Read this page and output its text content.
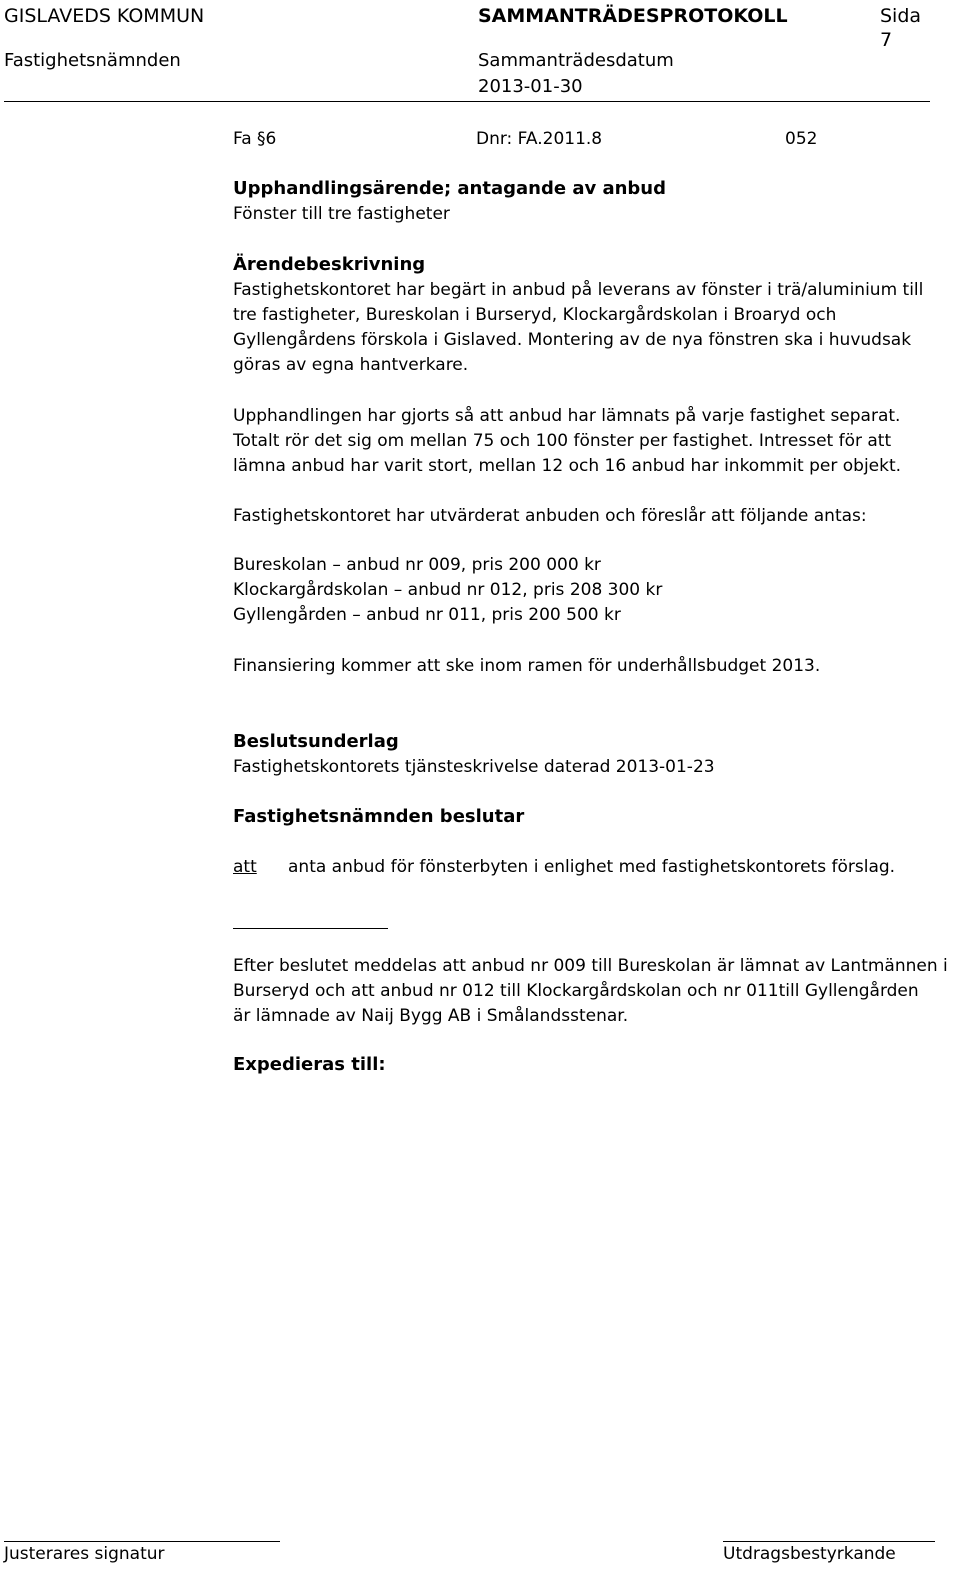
GISLAVEDS KOMMUN	SAMMANTRÄDESPROTOKOLL	Sida
7
Fastighetsnämnden	Sammanträdesdatum
2013-01-30
Fa §6	Dnr: FA.2011.8	052
Upphandlingsärende; antagande av anbud
Fönster till tre fastigheter
Ärendebeskrivning

Fastighetskontoret har begärt in anbud på leverans av fönster i trä/aluminium till

tre fastigheter, Bureskolan i Burseryd, Klockargårdskolan i Broaryd och

Gyllengårdens förskola i Gislaved. Montering av de nya fönstren ska i huvudsak

göras av egna hantverkare.

Upphandlingen har gjorts så att anbud har lämnats på varje fastighet separat.

Totalt rör det sig om mellan 75 och 100 fönster per fastighet. Intresset för att

lämna anbud har varit stort, mellan 12 och 16 anbud har inkommit per objekt.

Fastighetskontoret har utvärderat anbuden och föreslår att följande antas:

Bureskolan – anbud nr 009, pris 200 000 kr

Klockargårdskolan – anbud nr 012, pris 208 300 kr

Gyllengården – anbud nr 011, pris 200 500 kr

Finansiering kommer att ske inom ramen för underhållsbudget 2013.
Beslutsunderlag
Fastighetskontorets tjänsteskrivelse daterad 2013-01-23
Fastighetsnämnden beslutar
att anta anbud för fönsterbyten i enlighet med fastighetskontorets förslag.

Efter beslutet meddelas att anbud nr 009 till Bureskolan är lämnat av Lantmännen i

Burseryd och att anbud nr 012 till Klockargårdskolan och nr 011till Gyllengården

är lämnade av Naij Bygg AB i Smålandsstenar.

Expedieras till:
Justerares signatur	Utdragsbestyrkande
